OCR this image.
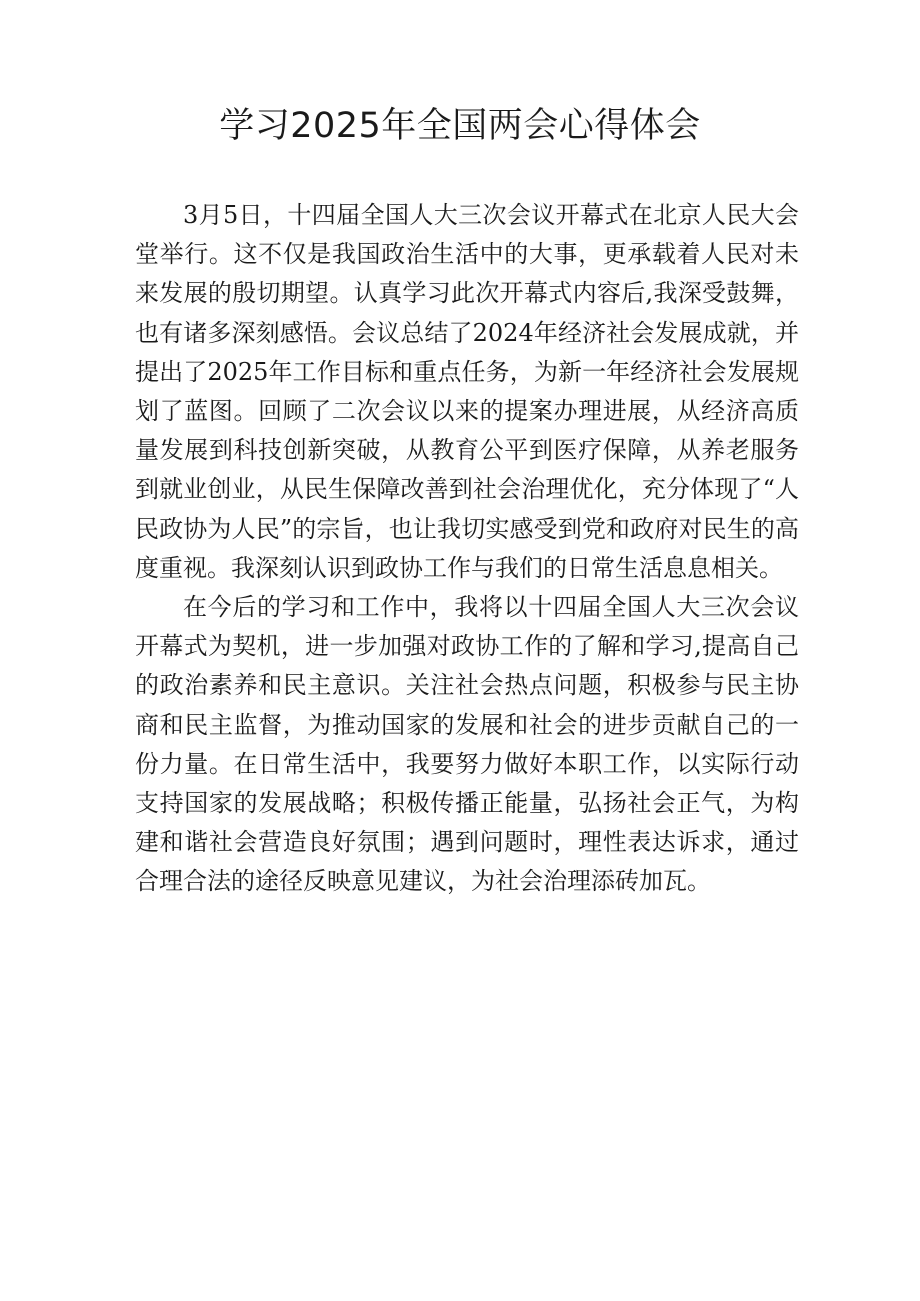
学习2025年全国两会心得体会

3月5日，十四届全国人大三次会议开幕式在北京人民大会堂举行。这不仅是我国政治生活中的大事，更承载着人民对未来发展的殷切期望。认真学习此次开幕式内容后,我深受鼓舞，也有诸多深刻感悟。会议总结了2024年经济社会发展成就，并提出了2025年工作目标和重点任务，为新一年经济社会发展规划了蓝图。回顾了二次会议以来的提案办理进展，从经济高质量发展到科技创新突破，从教育公平到医疗保障，从养老服务到就业创业，从民生保障改善到社会治理优化，充分体现了“人民政协为人民”的宗旨，也让我切实感受到党和政府对民生的高度重视。我深刻认识到政协工作与我们的日常生活息息相关。

在今后的学习和工作中，我将以十四届全国人大三次会议开幕式为契机，进一步加强对政协工作的了解和学习,提高自己的政治素养和民主意识。关注社会热点问题，积极参与民主协商和民主监督，为推动国家的发展和社会的进步贡献自己的一份力量。在日常生活中，我要努力做好本职工作，以实际行动支持国家的发展战略；积极传播正能量，弘扬社会正气，为构建和谐社会营造良好氛围；遇到问题时，理性表达诉求，通过合理合法的途径反映意见建议，为社会治理添砖加瓦。
